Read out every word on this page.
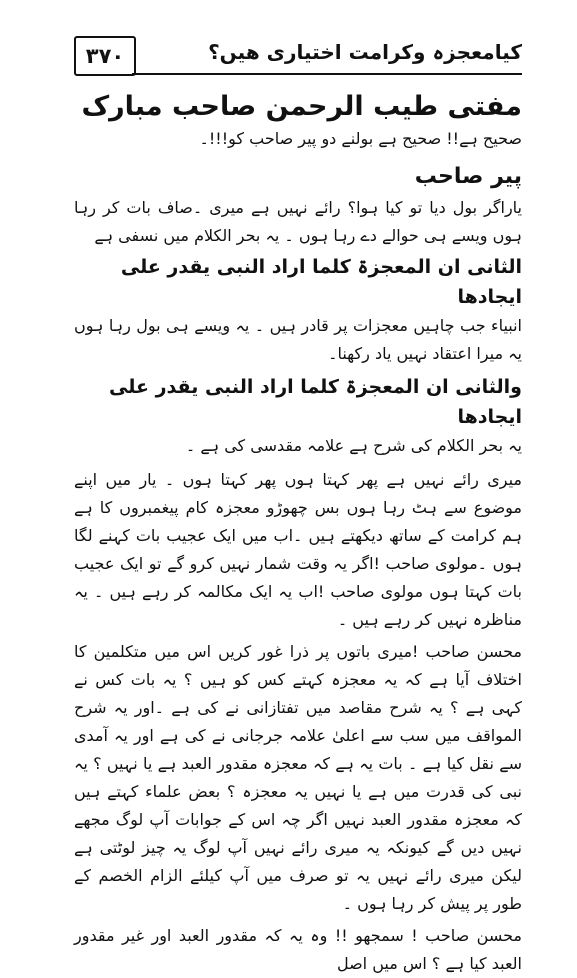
۳۷۰	کیامعجزہ وکرامت اختیاری ھیں؟
مفتی طیب الرحمن صاحب مبارک
صحیح ہے!! صحیح ہے بولنے دو پیر صاحب کو!!!۔
پیر صاحب

یاراگر بول دیا تو کیا ہوا؟ رائے نہیں ہے میری ۔صاف بات کر رہا ہوں ویسے ہی حوالے دے رہا ہوں ۔ یہ بحر الکلام میں نسفی ہے

الثانی ان المعجزۃ کلما اراد النبی یقدر علی ایجادھا

انبیاء جب چاہیں معجزات پر قادر ہیں ۔ یہ ویسے ہی بول رہا ہوں یہ میرا اعتقاد نہیں یاد رکھنا۔

والثانی ان المعجزۃ کلما اراد النبی یقدر علی ایجادھا

یہ بحر الکلام کی شرح ہے علامہ مقدسی کی ہے ۔

میری رائے نہیں ہے پھر کہتا ہوں پھر کہتا ہوں ۔ یار میں اپنے موضوع سے ہٹ رہا ہوں بس چھوڑو معجزہ کام پیغمبروں کا ہے ہم کرامت کے ساتھ دیکھتے ہیں ۔اب میں ایک عجیب بات کہنے لگا ہوں ۔مولوی صاحب !اگر یہ وقت شمار نہیں کرو گے تو ایک عجیب بات کہتا ہوں مولوی صاحب !اب یہ ایک مکالمہ کر رہے ہیں ۔ یہ مناظرہ نہیں کر رہے ہیں ۔

محسن صاحب !میری باتوں پر ذرا غور کریں اس میں متکلمین کا اختلاف آیا ہے کہ یہ معجزہ کہتے کس کو ہیں ؟ یہ بات کس نے کہی ہے ؟ یہ شرح مقاصد میں تفتازانی نے کی ہے ۔اور یہ شرح المواقف میں سب سے اعلیٰ علامہ جرجانی نے کی ہے اور یہ آمدی سے نقل کیا ہے ۔ بات یہ ہے کہ معجزہ مقدور العبد ہے یا نہیں ؟ یہ نبی کی قدرت میں ہے یا نہیں یہ معجزہ ؟ بعض علماء کہتے ہیں کہ معجزہ مقدور العبد نہیں اگر چہ اس کے جوابات آپ لوگ مجھے نہیں دیں گے کیونکہ یہ میری رائے نہیں آپ لوگ یہ چیز لوٹتی ہے لیکن میری رائے نہیں یہ تو صرف میں آپ کیلئے الزام الخصم کے طور پر پیش کر رہا ہوں ۔

محسن صاحب ! سمجھو !! وہ یہ کہ مقدور العبد اور غیر مقدور العبد کیا ہے ؟ اس میں اصل
